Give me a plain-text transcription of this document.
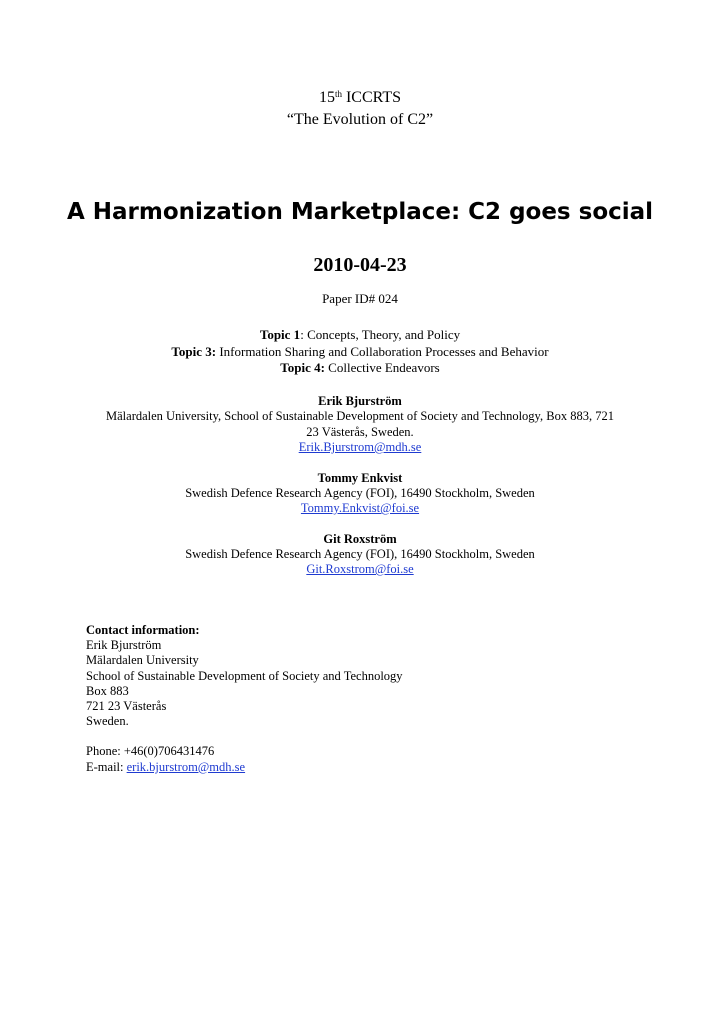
15th ICCRTS
“The Evolution of C2”
A Harmonization Marketplace: C2 goes social
2010-04-23
Paper ID# 024
Topic 1: Concepts, Theory, and Policy
Topic 3: Information Sharing and Collaboration Processes and Behavior
Topic 4: Collective Endeavors
Erik Bjurström
Mälardalen University, School of Sustainable Development of Society and Technology, Box 883, 721
23 Västerås, Sweden.
Erik.Bjurstrom@mdh.se
Tommy Enkvist
Swedish Defence Research Agency (FOI), 16490 Stockholm, Sweden
Tommy.Enkvist@foi.se
Git Roxström
Swedish Defence Research Agency (FOI), 16490 Stockholm, Sweden
Git.Roxstrom@foi.se
Contact information:
Erik Bjurström
Mälardalen University
School of Sustainable Development of Society and Technology
Box 883
721 23 Västerås
Sweden.
Phone: +46(0)706431476
E-mail: erik.bjurstrom@mdh.se
